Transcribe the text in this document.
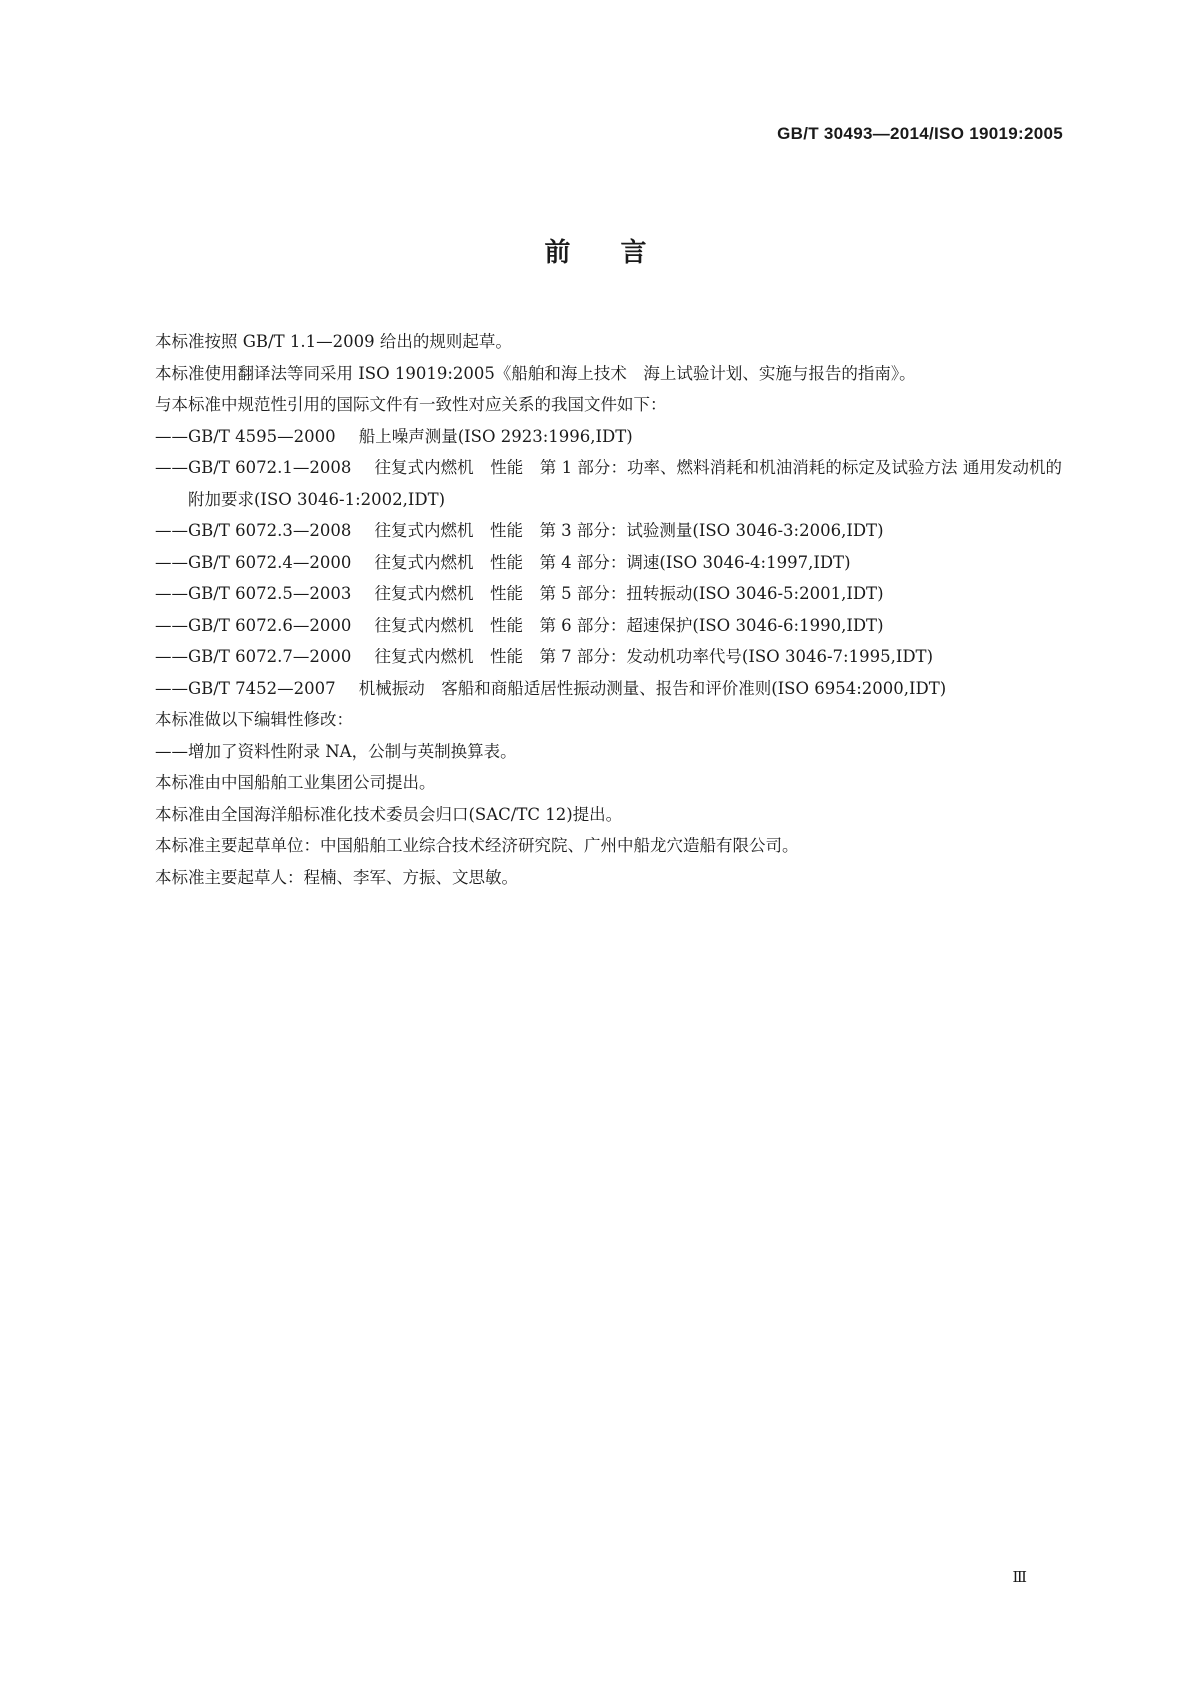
GB/T 30493—2014/ISO 19019:2005
前言

本标准按照 GB/T 1.1—2009 给出的规则起草。

本标准使用翻译法等同采用 ISO 19019:2005《船舶和海上技术　海上试验计划、实施与报告的指南》。

与本标准中规范性引用的国际文件有一致性对应关系的我国文件如下：

——GB/T 4595—2000 船上噪声测量(ISO 2923:1996,IDT)

——GB/T 6072.1—2008 往复式内燃机　性能　第 1 部分：功率、燃料消耗和机油消耗的标定及试验方法 通用发动机的附加要求(ISO 3046-1:2002,IDT)

——GB/T 6072.3—2008 往复式内燃机　性能　第 3 部分：试验测量(ISO 3046-3:2006,IDT)

——GB/T 6072.4—2000 往复式内燃机　性能　第 4 部分：调速(ISO 3046-4:1997,IDT)

——GB/T 6072.5—2003 往复式内燃机　性能　第 5 部分：扭转振动(ISO 3046-5:2001,IDT)

——GB/T 6072.6—2000 往复式内燃机　性能　第 6 部分：超速保护(ISO 3046-6:1990,IDT)

——GB/T 6072.7—2000 往复式内燃机　性能　第 7 部分：发动机功率代号(ISO 3046-7:1995,IDT)

——GB/T 7452—2007 机械振动　客船和商船适居性振动测量、报告和评价准则(ISO 6954:2000,IDT)

本标准做以下编辑性修改：

——增加了资料性附录 NA，公制与英制换算表。

本标准由中国船舶工业集团公司提出。

本标准由全国海洋船标准化技术委员会归口(SAC/TC 12)提出。

本标准主要起草单位：中国船舶工业综合技术经济研究院、广州中船龙穴造船有限公司。

本标准主要起草人：程楠、李军、方振、文思敏。

Ⅲ
